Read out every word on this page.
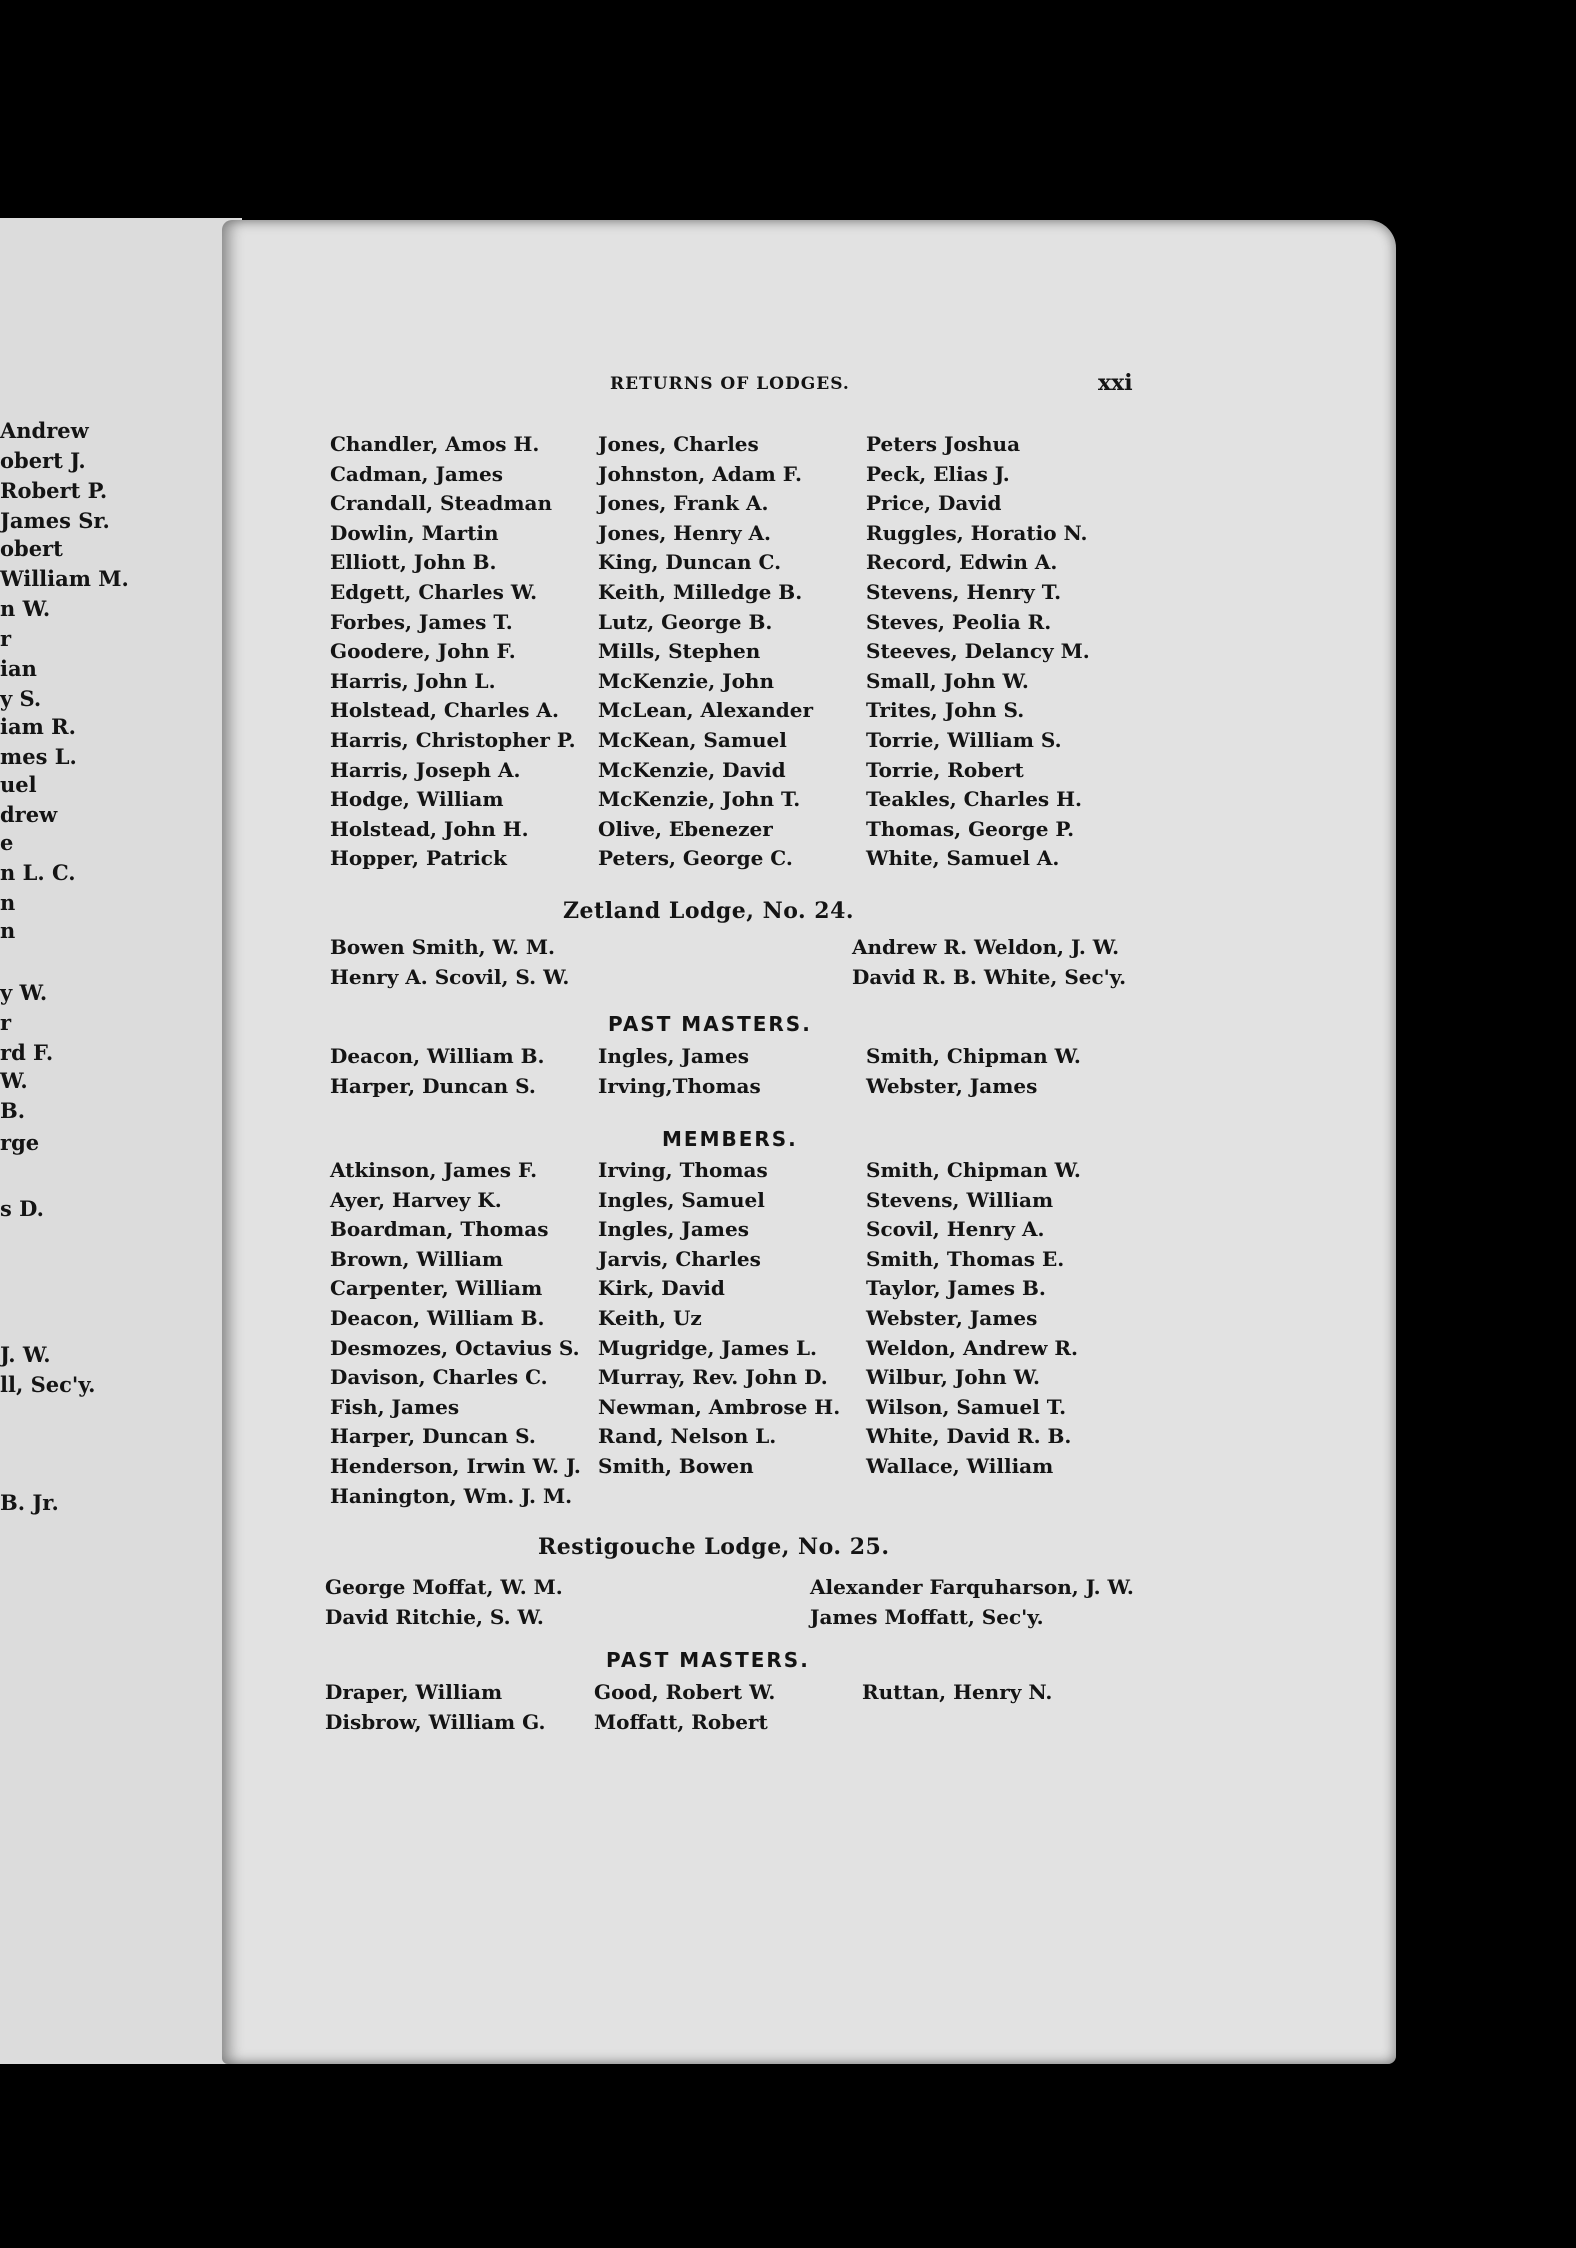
Andrew
obert J.
Robert P.
James Sr.
obert
William M.
n W.
r
ian
y S.
iam R.
mes L.
uel
drew
e
n L. C.
n
n
y W.
r
rd F.
W.
B.
rge
s D.
J. W.
ll, Sec'y.
B. Jr.
RETURNS OF LODGES.	xxi
Chandler, Amos H.
Cadman, James
Crandall, Steadman
Dowlin, Martin
Elliott, John B.
Edgett, Charles W.
Forbes, James T.
Goodere, John F.
Harris, John L.
Holstead, Charles A.
Harris, Christopher P.
Harris, Joseph A.
Hodge, William
Holstead, John H.
Hopper, Patrick
Jones, Charles
Johnston, Adam F.
Jones, Frank A.
Jones, Henry A.
King, Duncan C.
Keith, Milledge B.
Lutz, George B.
Mills, Stephen
McKenzie, John
McLean, Alexander
McKean, Samuel
McKenzie, David
McKenzie, John T.
Olive, Ebenezer
Peters, George C.
Peters Joshua
Peck, Elias J.
Price, David
Ruggles, Horatio N.
Record, Edwin A.
Stevens, Henry T.
Steves, Peolia R.
Steeves, Delancy M.
Small, John W.
Trites, John S.
Torrie, William S.
Torrie, Robert
Teakles, Charles H.
Thomas, George P.
White, Samuel A.
Zetland Lodge, No. 24.
Bowen Smith, W. M.
Henry A. Scovil, S. W.
Andrew R. Weldon, J. W.
David R. B. White, Sec'y.
PAST MASTERS.
Deacon, William B.
Harper, Duncan S.
Ingles, James
Irving,Thomas
Smith, Chipman W.
Webster, James
MEMBERS.
Atkinson, James F.
Ayer, Harvey K.
Boardman, Thomas
Brown, William
Carpenter, William
Deacon, William B.
Desmozes, Octavius S.
Davison, Charles C.
Fish, James
Harper, Duncan S.
Henderson, Irwin W. J.
Hanington, Wm. J. M.
Irving, Thomas
Ingles, Samuel
Ingles, James
Jarvis, Charles
Kirk, David
Keith, Uz
Mugridge, James L.
Murray, Rev. John D.
Newman, Ambrose H.
Rand, Nelson L.
Smith, Bowen
Smith, Chipman W.
Stevens, William
Scovil, Henry A.
Smith, Thomas E.
Taylor, James B.
Webster, James
Weldon, Andrew R.
Wilbur, John W.
Wilson, Samuel T.
White, David R. B.
Wallace, William
Restigouche Lodge, No. 25.
George Moffat, W. M.
David Ritchie, S. W.
Alexander Farquharson, J. W.
James Moffatt, Sec'y.
PAST MASTERS.
Draper, William
Disbrow, William G.
Good, Robert W.
Moffatt, Robert
Ruttan, Henry N.
